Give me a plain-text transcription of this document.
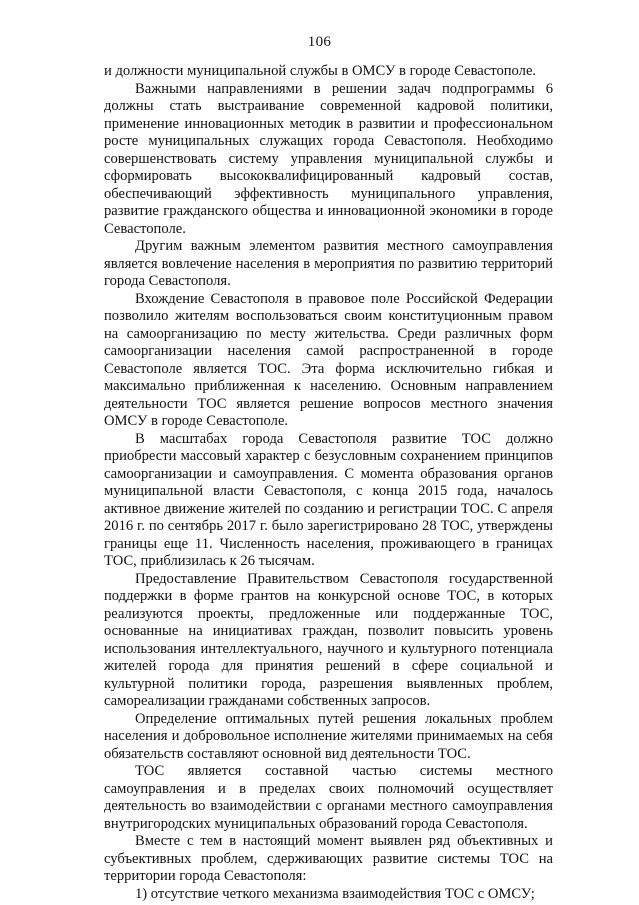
106

и должности муниципальной службы в ОМСУ в городе Севастополе.

Важными направлениями в решении задач подпрограммы 6 должны стать выстраивание современной кадровой политики, применение инновационных методик в развитии и профессиональном росте муниципальных служащих города Севастополя. Необходимо совершенствовать систему управления муниципальной службы и сформировать высококвалифицированный кадровый состав, обеспечивающий эффективность муниципального управления, развитие гражданского общества и инновационной экономики в городе Севастополе.

Другим важным элементом развития местного самоуправления является вовлечение населения в мероприятия по развитию территорий города Севастополя.

Вхождение Севастополя в правовое поле Российской Федерации позволило жителям воспользоваться своим конституционным правом на самоорганизацию по месту жительства. Среди различных форм самоорганизации населения самой распространенной в городе Севастополе является ТОС. Эта форма исключительно гибкая и максимально приближенная к населению. Основным направлением деятельности ТОС является решение вопросов местного значения ОМСУ в городе Севастополе.

В масштабах города Севастополя развитие ТОС должно приобрести массовый характер с безусловным сохранением принципов самоорганизации и самоуправления. С момента образования органов муниципальной власти Севастополя, с конца 2015 года, началось активное движение жителей по созданию и регистрации ТОС. С апреля 2016 г. по сентябрь 2017 г. было зарегистрировано 28 ТОС, утверждены границы еще 11. Численность населения, проживающего в границах ТОС, приблизилась к 26 тысячам.

Предоставление Правительством Севастополя государственной поддержки в форме грантов на конкурсной основе ТОС, в которых реализуются проекты, предложенные или поддержанные ТОС, основанные на инициативах граждан, позволит повысить уровень использования интеллектуального, научного и культурного потенциала жителей города для принятия решений в сфере социальной и культурной политики города, разрешения выявленных проблем, самореализации гражданами собственных запросов.

Определение оптимальных путей решения локальных проблем населения и добровольное исполнение жителями принимаемых на себя обязательств составляют основной вид деятельности ТОС.

ТОС является составной частью системы местного самоуправления и в пределах своих полномочий осуществляет деятельность во взаимодействии с органами местного самоуправления внутригородских муниципальных образований города Севастополя.

Вместе с тем в настоящий момент выявлен ряд объективных и субъективных проблем, сдерживающих развитие системы ТОС на территории города Севастополя:

1) отсутствие четкого механизма взаимодействия ТОС с ОМСУ;
